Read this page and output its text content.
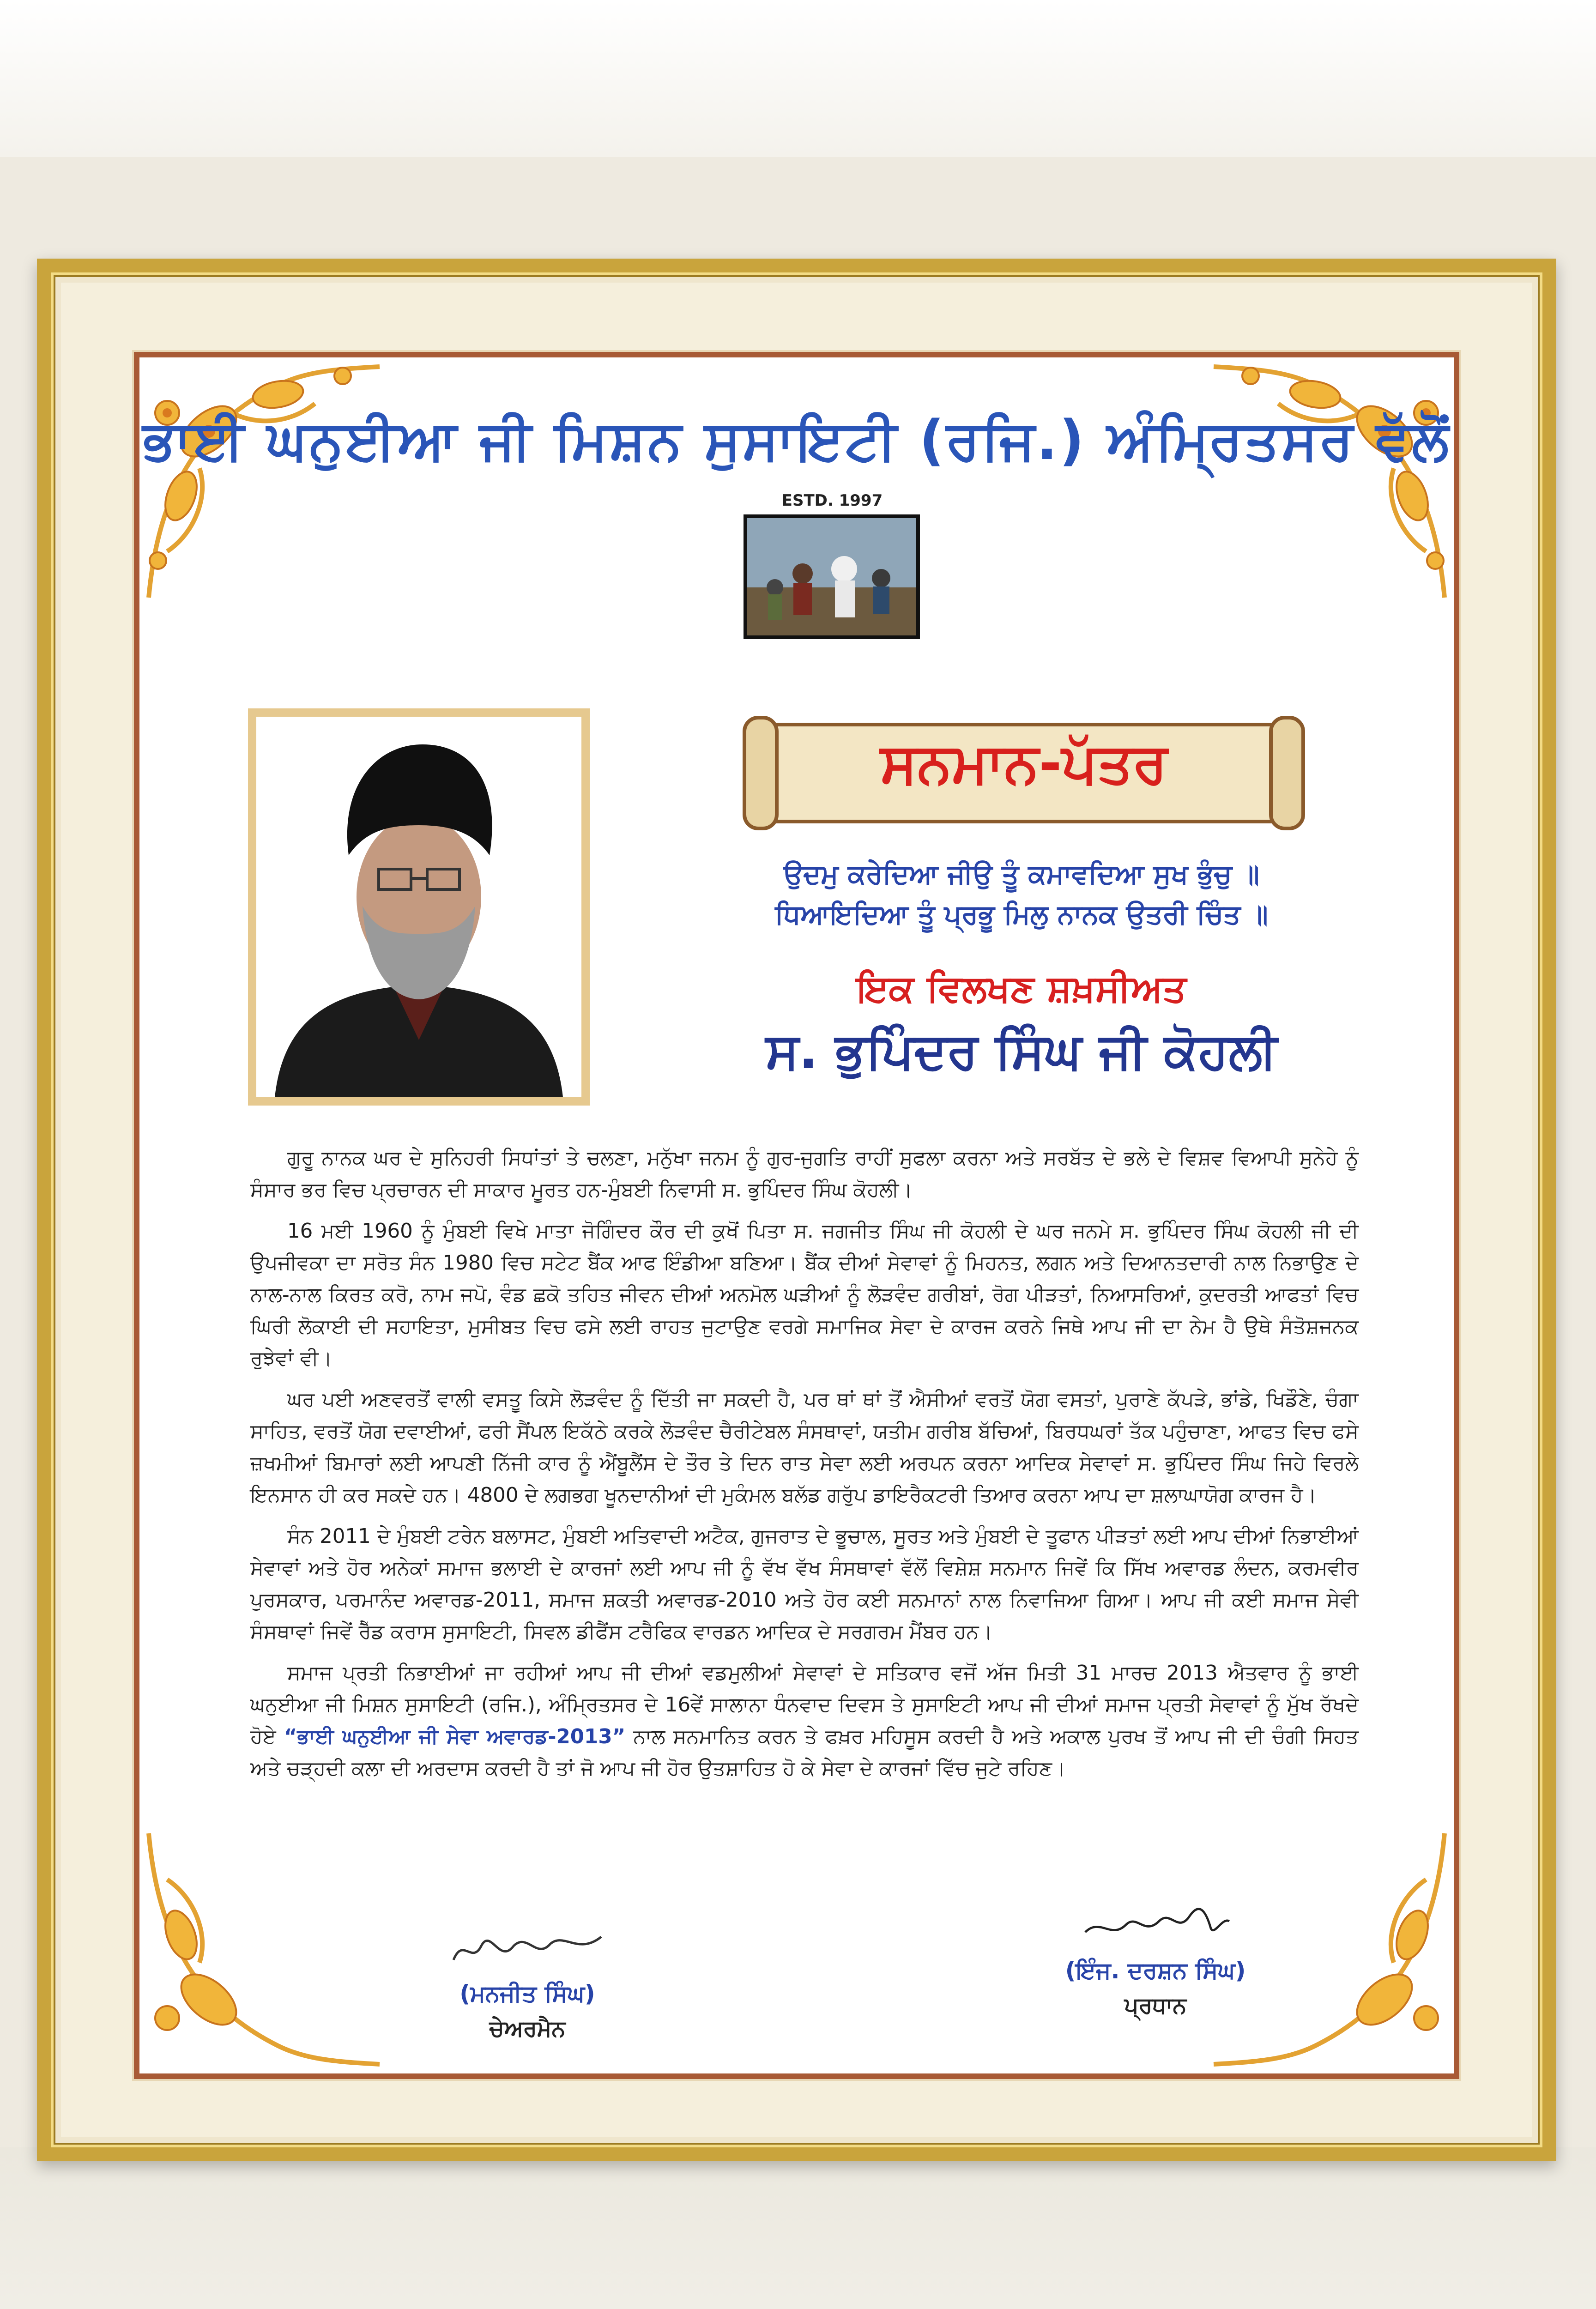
ਭਾਈ ਘਨੁਈਆ ਜੀ ਮਿਸ਼ਨ ਸੁਸਾਇਟੀ (ਰਜਿ.) ਅੰਮ੍ਰਿਤਸਰ ਵੱਲੋਂ
ESTD. 1997
ਸਨਮਾਨ-ਪੱਤਰ
ਉਦਮੁ ਕਰੇਦਿਆ ਜੀਉ ਤੂੰ ਕਮਾਵਦਿਆ ਸੁਖ ਭੁੰਚੁ ॥
ਧਿਆਇਦਿਆ ਤੂੰ ਪ੍ਰਭੂ ਮਿਲੁ ਨਾਨਕ ਉਤਰੀ ਚਿੰਤ ॥
ਇਕ ਵਿਲਖਣ ਸ਼ਖ਼ਸੀਅਤ
ਸ. ਭੁਪਿੰਦਰ ਸਿੰਘ ਜੀ ਕੋਹਲੀ

ਗੁਰੂ ਨਾਨਕ ਘਰ ਦੇ ਸੁਨਿਹਰੀ ਸਿਧਾਂਤਾਂ ਤੇ ਚਲਣਾ, ਮਨੁੱਖਾ ਜਨਮ ਨੂੰ ਗੁਰ-ਜੁਗਤਿ ਰਾਹੀਂ ਸੁਫਲਾ ਕਰਨਾ ਅਤੇ ਸਰਬੱਤ ਦੇ ਭਲੇ ਦੇ ਵਿਸ਼ਵ ਵਿਆਪੀ ਸੁਨੇਹੇ ਨੂੰ ਸੰਸਾਰ ਭਰ ਵਿਚ ਪ੍ਰਚਾਰਨ ਦੀ ਸਾਕਾਰ ਮੂਰਤ ਹਨ-ਮੁੰਬਈ ਨਿਵਾਸੀ ਸ. ਭੁਪਿੰਦਰ ਸਿੰਘ ਕੋਹਲੀ।

16 ਮਈ 1960 ਨੂੰ ਮੁੰਬਈ ਵਿਖੇ ਮਾਤਾ ਜੋਗਿੰਦਰ ਕੌਰ ਦੀ ਕੁਖੋਂ ਪਿਤਾ ਸ. ਜਗਜੀਤ ਸਿੰਘ ਜੀ ਕੋਹਲੀ ਦੇ ਘਰ ਜਨਮੇ ਸ. ਭੁਪਿੰਦਰ ਸਿੰਘ ਕੋਹਲੀ ਜੀ ਦੀ ਉਪਜੀਵਕਾ ਦਾ ਸਰੋਤ ਸੰਨ 1980 ਵਿਚ ਸਟੇਟ ਬੈਂਕ ਆਫ ਇੰਡੀਆ ਬਣਿਆ। ਬੈਂਕ ਦੀਆਂ ਸੇਵਾਵਾਂ ਨੂੰ ਮਿਹਨਤ, ਲਗਨ ਅਤੇ ਦਿਆਨਤਦਾਰੀ ਨਾਲ ਨਿਭਾਉਣ ਦੇ ਨਾਲ-ਨਾਲ ਕਿਰਤ ਕਰੋ, ਨਾਮ ਜਪੋ, ਵੰਡ ਛਕੋ ਤਹਿਤ ਜੀਵਨ ਦੀਆਂ ਅਨਮੋਲ ਘੜੀਆਂ ਨੂੰ ਲੋੜਵੰਦ ਗਰੀਬਾਂ, ਰੋਗ ਪੀੜਤਾਂ, ਨਿਆਸਰਿਆਂ, ਕੁਦਰਤੀ ਆਫਤਾਂ ਵਿਚ ਘਿਰੀ ਲੋਕਾਈ ਦੀ ਸਹਾਇਤਾ, ਮੁਸੀਬਤ ਵਿਚ ਫਸੇ ਲਈ ਰਾਹਤ ਜੁਟਾਉਣ ਵਰਗੇ ਸਮਾਜਿਕ ਸੇਵਾ ਦੇ ਕਾਰਜ ਕਰਨੇ ਜਿਥੇ ਆਪ ਜੀ ਦਾ ਨੇਮ ਹੈ ਉਥੇ ਸੰਤੋਸ਼ਜਨਕ ਰੁਝੇਵਾਂ ਵੀ।

ਘਰ ਪਈ ਅਣਵਰਤੋਂ ਵਾਲੀ ਵਸਤੂ ਕਿਸੇ ਲੋੜਵੰਦ ਨੂੰ ਦਿੱਤੀ ਜਾ ਸਕਦੀ ਹੈ, ਪਰ ਥਾਂ ਥਾਂ ਤੋਂ ਐਸੀਆਂ ਵਰਤੋਂ ਯੋਗ ਵਸਤਾਂ, ਪੁਰਾਣੇ ਕੱਪੜੇ, ਭਾਂਡੇ, ਖਿਡੌਣੇ, ਚੰਗਾ ਸਾਹਿਤ, ਵਰਤੋਂ ਯੋਗ ਦਵਾਈਆਂ, ਫਰੀ ਸੈਂਪਲ ਇਕੱਠੇ ਕਰਕੇ ਲੋੜਵੰਦ ਚੈਰੀਟੇਬਲ ਸੰਸਥਾਵਾਂ, ਯਤੀਮ ਗਰੀਬ ਬੱਚਿਆਂ, ਬਿਰਧਘਰਾਂ ਤੱਕ ਪਹੁੰਚਾਣਾ, ਆਫਤ ਵਿਚ ਫਸੇ ਜ਼ਖਮੀਆਂ ਬਿਮਾਰਾਂ ਲਈ ਆਪਣੀ ਨਿੱਜੀ ਕਾਰ ਨੂੰ ਐਂਬੂਲੈਂਸ ਦੇ ਤੌਰ ਤੇ ਦਿਨ ਰਾਤ ਸੇਵਾ ਲਈ ਅਰਪਨ ਕਰਨਾ ਆਦਿਕ ਸੇਵਾਵਾਂ ਸ. ਭੁਪਿੰਦਰ ਸਿੰਘ ਜਿਹੇ ਵਿਰਲੇ ਇਨਸਾਨ ਹੀ ਕਰ ਸਕਦੇ ਹਨ। 4800 ਦੇ ਲਗਭਗ ਖੂਨਦਾਨੀਆਂ ਦੀ ਮੁਕੰਮਲ ਬਲੱਡ ਗਰੁੱਪ ਡਾਇਰੈਕਟਰੀ ਤਿਆਰ ਕਰਨਾ ਆਪ ਦਾ ਸ਼ਲਾਘਾਯੋਗ ਕਾਰਜ ਹੈ।

ਸੰਨ 2011 ਦੇ ਮੁੰਬਈ ਟਰੇਨ ਬਲਾਸਟ, ਮੁੰਬਈ ਅਤਿਵਾਦੀ ਅਟੈਕ, ਗੁਜਰਾਤ ਦੇ ਭੂਚਾਲ, ਸੂਰਤ ਅਤੇ ਮੁੰਬਈ ਦੇ ਤੂਫਾਨ ਪੀੜਤਾਂ ਲਈ ਆਪ ਦੀਆਂ ਨਿਭਾਈਆਂ ਸੇਵਾਵਾਂ ਅਤੇ ਹੋਰ ਅਨੇਕਾਂ ਸਮਾਜ ਭਲਾਈ ਦੇ ਕਾਰਜਾਂ ਲਈ ਆਪ ਜੀ ਨੂੰ ਵੱਖ ਵੱਖ ਸੰਸਥਾਵਾਂ ਵੱਲੋਂ ਵਿਸ਼ੇਸ਼ ਸਨਮਾਨ ਜਿਵੇਂ ਕਿ ਸਿੱਖ ਅਵਾਰਡ ਲੰਦਨ, ਕਰਮਵੀਰ ਪੁਰਸਕਾਰ, ਪਰਮਾਨੰਦ ਅਵਾਰਡ-2011, ਸਮਾਜ ਸ਼ਕਤੀ ਅਵਾਰਡ-2010 ਅਤੇ ਹੋਰ ਕਈ ਸਨਮਾਨਾਂ ਨਾਲ ਨਿਵਾਜਿਆ ਗਿਆ। ਆਪ ਜੀ ਕਈ ਸਮਾਜ ਸੇਵੀ ਸੰਸਥਾਵਾਂ ਜਿਵੇਂ ਰੈੱਡ ਕਰਾਸ ਸੁਸਾਇਟੀ, ਸਿਵਲ ਡੀਫੈਂਸ ਟਰੈਫਿਕ ਵਾਰਡਨ ਆਦਿਕ ਦੇ ਸਰਗਰਮ ਮੈਂਬਰ ਹਨ।

ਸਮਾਜ ਪ੍ਰਤੀ ਨਿਭਾਈਆਂ ਜਾ ਰਹੀਆਂ ਆਪ ਜੀ ਦੀਆਂ ਵਡਮੁਲੀਆਂ ਸੇਵਾਵਾਂ ਦੇ ਸਤਿਕਾਰ ਵਜੋਂ ਅੱਜ ਮਿਤੀ 31 ਮਾਰਚ 2013 ਐਤਵਾਰ ਨੂੰ ਭਾਈ ਘਨੁਈਆ ਜੀ ਮਿਸ਼ਨ ਸੁਸਾਇਟੀ (ਰਜਿ.), ਅੰਮ੍ਰਿਤਸਰ ਦੇ 16ਵੇਂ ਸਾਲਾਨਾ ਧੰਨਵਾਦ ਦਿਵਸ ਤੇ ਸੁਸਾਇਟੀ ਆਪ ਜੀ ਦੀਆਂ ਸਮਾਜ ਪ੍ਰਤੀ ਸੇਵਾਵਾਂ ਨੂੰ ਮੁੱਖ ਰੱਖਦੇ ਹੋਏ “ਭਾਈ ਘਨੁਈਆ ਜੀ ਸੇਵਾ ਅਵਾਰਡ-2013” ਨਾਲ ਸਨਮਾਨਿਤ ਕਰਨ ਤੇ ਫਖ਼ਰ ਮਹਿਸੂਸ ਕਰਦੀ ਹੈ ਅਤੇ ਅਕਾਲ ਪੁਰਖ ਤੋਂ ਆਪ ਜੀ ਦੀ ਚੰਗੀ ਸਿਹਤ ਅਤੇ ਚੜ੍ਹਦੀ ਕਲਾ ਦੀ ਅਰਦਾਸ ਕਰਦੀ ਹੈ ਤਾਂ ਜੋ ਆਪ ਜੀ ਹੋਰ ਉਤਸ਼ਾਹਿਤ ਹੋ ਕੇ ਸੇਵਾ ਦੇ ਕਾਰਜਾਂ ਵਿੱਚ ਜੁਟੇ ਰਹਿਣ।

(ਮਨਜੀਤ ਸਿੰਘ)
ਚੇਅਰਮੈਨ
(ਇੰਜ. ਦਰਸ਼ਨ ਸਿੰਘ)
ਪ੍ਰਧਾਨ
